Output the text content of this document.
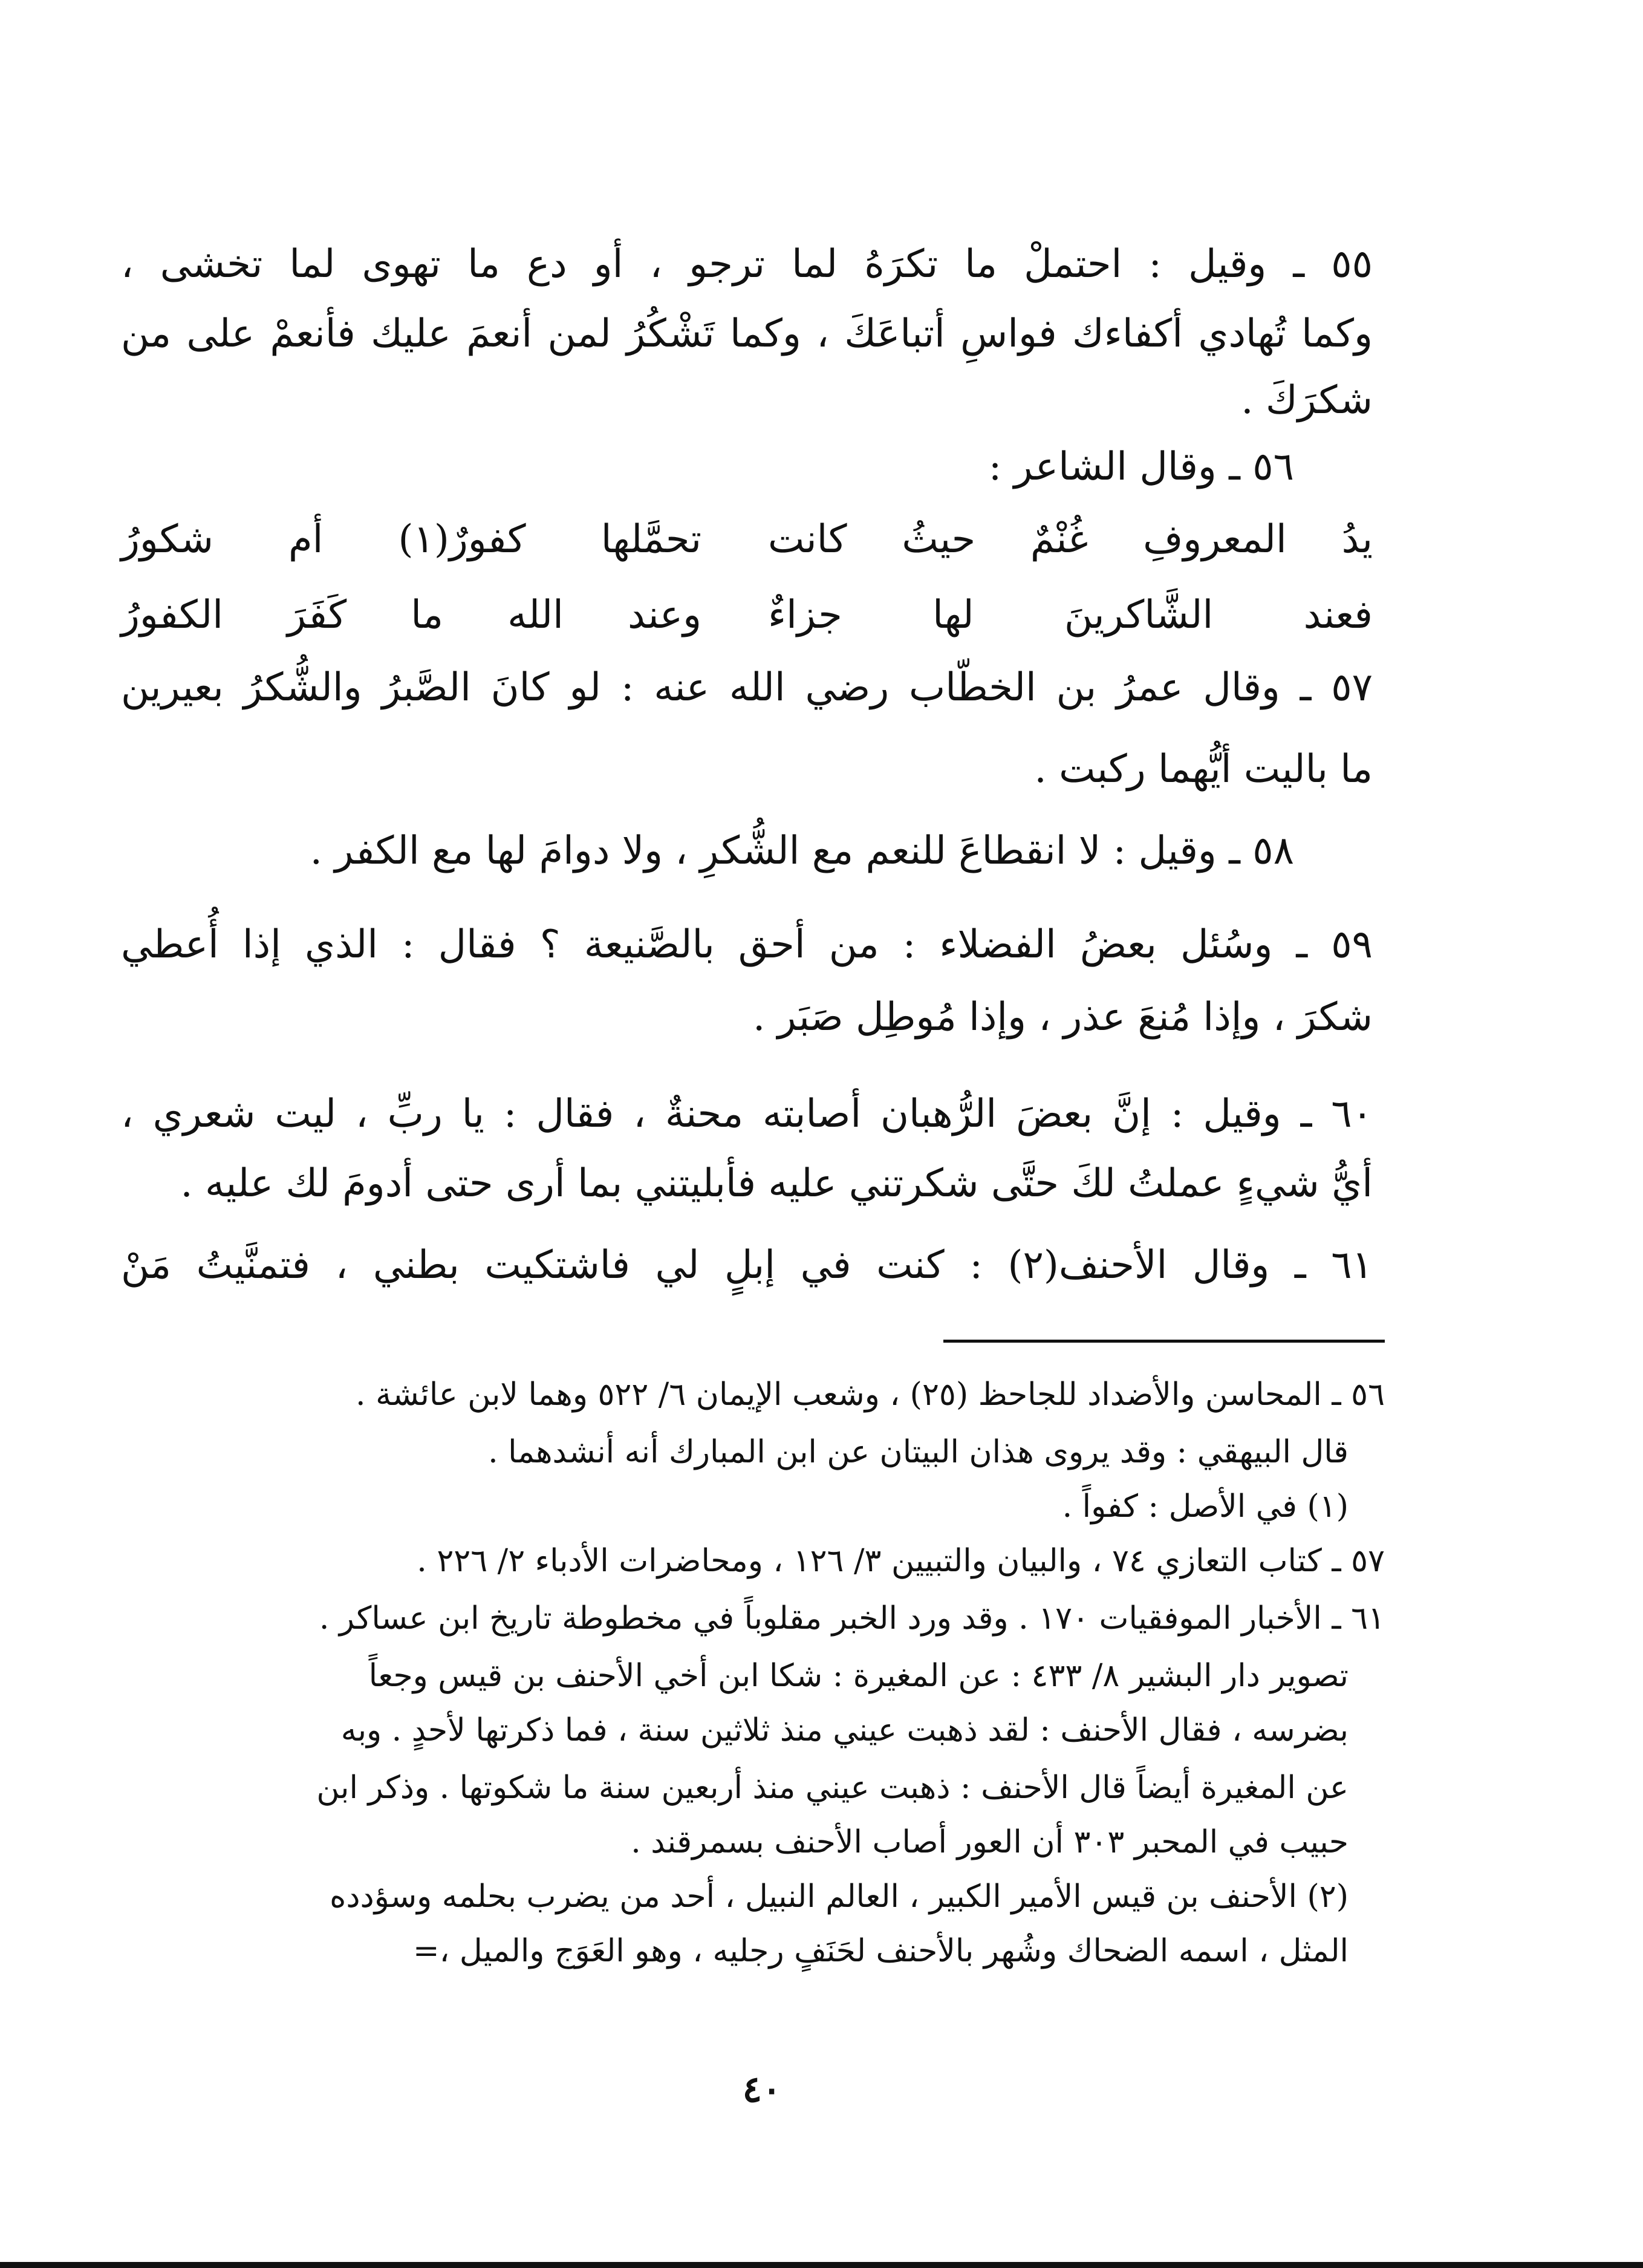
٥٥ ـ وقيل : احتملْ ما تكرَهُ لما ترجو ، أو دع ما تهوى لما تخشى ،
وكما تُهادي أكفاءك فواسِ أتباعَكَ ، وكما تَشْكُرُ لمن أنعمَ عليك فأنعمْ على من
شكرَكَ .
٥٦ ـ وقال الشاعر :
يدُ المعروفِ غُنْمٌ حيثُ كانت
تحمَّلها كفورٌ(١) أم شكورُ
فعند الشَّاكرينَ لها جزاءٌ
وعند الله ما كَفَرَ الكفورُ
٥٧ ـ وقال عمرُ بن الخطّاب رضي الله عنه : لو كانَ الصَّبرُ والشُّكرُ بعيرين
ما باليت أيُّهما ركبت .
٥٨ ـ وقيل : لا انقطاعَ للنعم مع الشُّكرِ ، ولا دوامَ لها مع الكفر .
٥٩ ـ وسُئل بعضُ الفضلاء : من أحق بالصَّنيعة ؟ فقال : الذي إذا أُعطي
شكرَ ، وإذا مُنعَ عذر ، وإذا مُوطِل صَبَر .
٦٠ ـ وقيل : إنَّ بعضَ الرُّهبان أصابته محنةٌ ، فقال : يا ربِّ ، ليت شعري ،
أيُّ شيءٍ عملتُ لكَ حتَّى شكرتني عليه فأبليتني بما أرى حتى أدومَ لك عليه .
٦١ ـ وقال الأحنف(٢) : كنت في إبلٍ لي فاشتكيت بطني ، فتمنَّيتُ مَنْ
٥٦ ـ المحاسن والأضداد للجاحظ (٢٥) ، وشعب الإيمان ٦/ ٥٢٢ وهما لابن عائشة .
قال البيهقي : وقد يروى هذان البيتان عن ابن المبارك أنه أنشدهما .
(١) في الأصل : كفواً .
٥٧ ـ كتاب التعازي ٧٤ ، والبيان والتبيين ٣/ ١٢٦ ، ومحاضرات الأدباء ٢/ ٢٢٦ .
٦١ ـ الأخبار الموفقيات ١٧٠ . وقد ورد الخبر مقلوباً في مخطوطة تاريخ ابن عساكر .
تصوير دار البشير ٨/ ٤٣٣ : عن المغيرة : شكا ابن أخي الأحنف بن قيس وجعاً
بضرسه ، فقال الأحنف : لقد ذهبت عيني منذ ثلاثين سنة ، فما ذكرتها لأحدٍ . وبه
عن المغيرة أيضاً قال الأحنف : ذهبت عيني منذ أربعين سنة ما شكوتها . وذكر ابن
حبيب في المحبر ٣٠٣ أن العور أصاب الأحنف بسمرقند .
(٢) الأحنف بن قيس الأمير الكبير ، العالم النبيل ، أحد من يضرب بحلمه وسؤدده
المثل ، اسمه الضحاك وشُهر بالأحنف لحَنَفٍ رجليه ، وهو العَوَج والميل ،=
٤٠
